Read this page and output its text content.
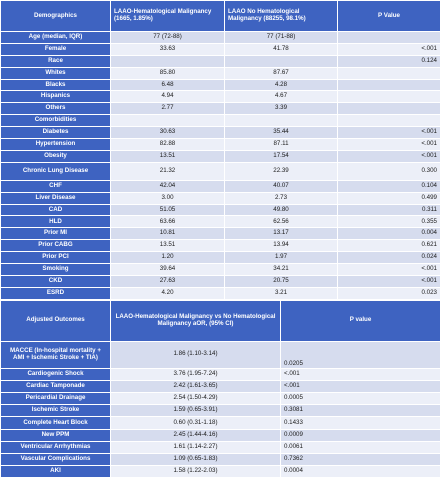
Demographics	LAAO-Hematological Malignancy (1665, 1.85%)	LAAO No Hematological Malignancy (88255, 98.1%)	P Value
Age (median, IQR)	77 (72-88)	77 (71-88)	
Female	33.63	41.78	<.001
Race			0.124
Whites	85.80	87.67	
Blacks	6.48	4.28	
Hispanics	4.94	4.67	
Others	2.77	3.39	
Comorbidities			
Diabetes	30.63	35.44	<.001
Hypertension	82.88	87.11	<.001
Obesity	13.51	17.54	<.001
Chronic Lung Disease	21.32	22.39	0.300
CHF	42.04	40.07	0.104
Liver Disease	3.00	2.73	0.499
CAD	51.05	49.80	0.311
HLD	63.66	62.56	0.355
Prior MI	10.81	13.17	0.004
Prior CABG	13.51	13.94	0.621
Prior PCI	1.20	1.97	0.024
Smoking	39.64	34.21	<.001
CKD	27.63	20.75	<.001
ESRD	4.20	3.21	0.023
Adjusted Outcomes	LAAO-Hematological Malignancy vs No Hematological Malignancy aOR, (95% CI)	P value
MACCE (In-hospital mortality + AMI + Ischemic Stroke + TIA)	1.86 (1.10-3.14)	0.0205
Cardiogenic Shock	3.76 (1.95-7.24)	<.001
Cardiac Tamponade	2.42 (1.61-3.65)	<.001
Pericardial Drainage	2.54 (1.50-4.29)	0.0005
Ischemic Stroke	1.59 (0.65-3.91)	0.3081
Complete Heart Block	0.60 (0.31-1.18)	0.1433
New PPM	2.45 (1.44-4.16)	0.0009
Ventricular Arrhythmias	1.61 (1.14-2.27)	0.0061
Vascular Complications	1.09 (0.65-1.83)	0.7362
AKI	1.58 (1.22-2.03)	0.0004
